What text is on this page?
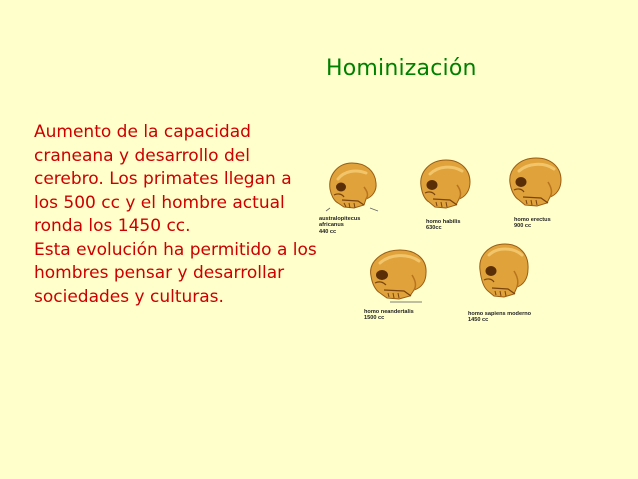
Hominización

Aumento de la capacidad craneana y desarrollo del cerebro. Los primates llegan a los 500 cc y el hombre actual ronda los 1450 cc.

Esta evolución ha permitido a los hombres pensar y desarrollar sociedades y culturas.

australopitecus
africanus
440 cc
homo habilis
630cc
homo erectus
900 cc
homo neandertalis
1500 cc
homo sapiens moderno
1450 cc
